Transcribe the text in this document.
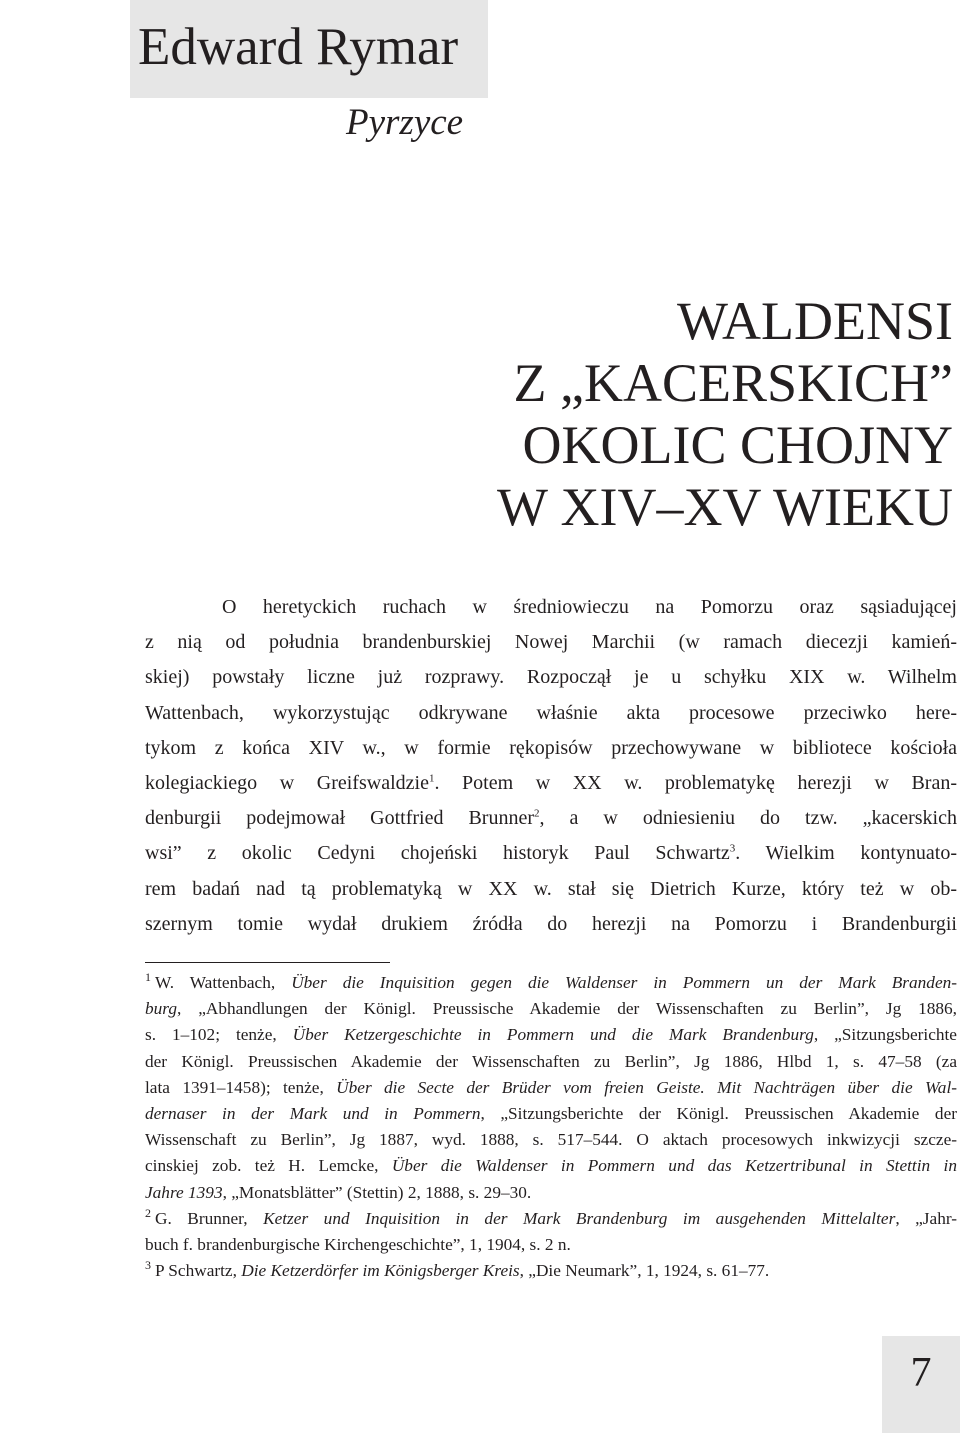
Edward Rymar
Pyrzyce
WALDENSI
Z „KACERSKICH”
OKOLIC CHOJNY
W XIV–XV WIEKU
O heretyckich ruchach w średniowieczu na Pomorzu oraz sąsiadującej
z nią od południa brandenburskiej Nowej Marchii (w ramach diecezji kamień-
skiej) powstały liczne już rozprawy. Rozpoczął je u schyłku XIX w. Wilhelm
Wattenbach, wykorzystując odkrywane właśnie akta procesowe przeciwko here-
tykom z końca XIV w., w formie rękopisów przechowywane w bibliotece kościoła
kolegiackiego w Greifswaldzie$^1$. Potem w XX w. problematykę herezji w Bran-
denburgii podejmował Gottfried Brunner$^2$, a w odniesieniu do tzw. „kacerskich
wsi” z okolic Cedyni chojeński historyk Paul Schwartz$^3$. Wielkim kontynuato-
rem badań nad tą problematyką w XX w. stał się Dietrich Kurze, który też w ob-
szernym tomie wydał drukiem źródła do herezji na Pomorzu i Brandenburgii
$^1$ W. Wattenbach, Über die Inquisition gegen die Waldenser in Pommern un der Mark Branden-
burg, „Abhandlungen der Königl. Preussische Akademie der Wissenschaften zu Berlin”, Jg 1886,
s. 1–102; tenże, Über Ketzergeschichte in Pommern und die Mark Brandenburg, „Sitzungsberichte
der Königl. Preussischen Akademie der Wissenschaften zu Berlin”, Jg 1886, Hlbd 1, s. 47–58 (za
lata 1391–1458); tenże, Über die Secte der Brüder vom freien Geiste. Mit Nachträgen über die Wal-
dernaser in der Mark und in Pommern, „Sitzungsberichte der Königl. Preussischen Akademie der
Wissenschaft zu Berlin”, Jg 1887, wyd. 1888, s. 517–544. O aktach procesowych inkwizycji szcze-
cinskiej zob. też H. Lemcke, Über die Waldenser in Pommern und das Ketzertribunal in Stettin in
Jahre 1393, „Monatsblätter” (Stettin) 2, 1888, s. 29–30.
$^2$ G. Brunner, Ketzer und Inquisition in der Mark Brandenburg im ausgehenden Mittelalter, „Jahr-
buch f. brandenburgische Kirchengeschichte”, 1, 1904, s. 2 n.
$^3$ P Schwartz, Die Ketzerdörfer im Königsberger Kreis, „Die Neumark”, 1, 1924, s. 61–77.
7
